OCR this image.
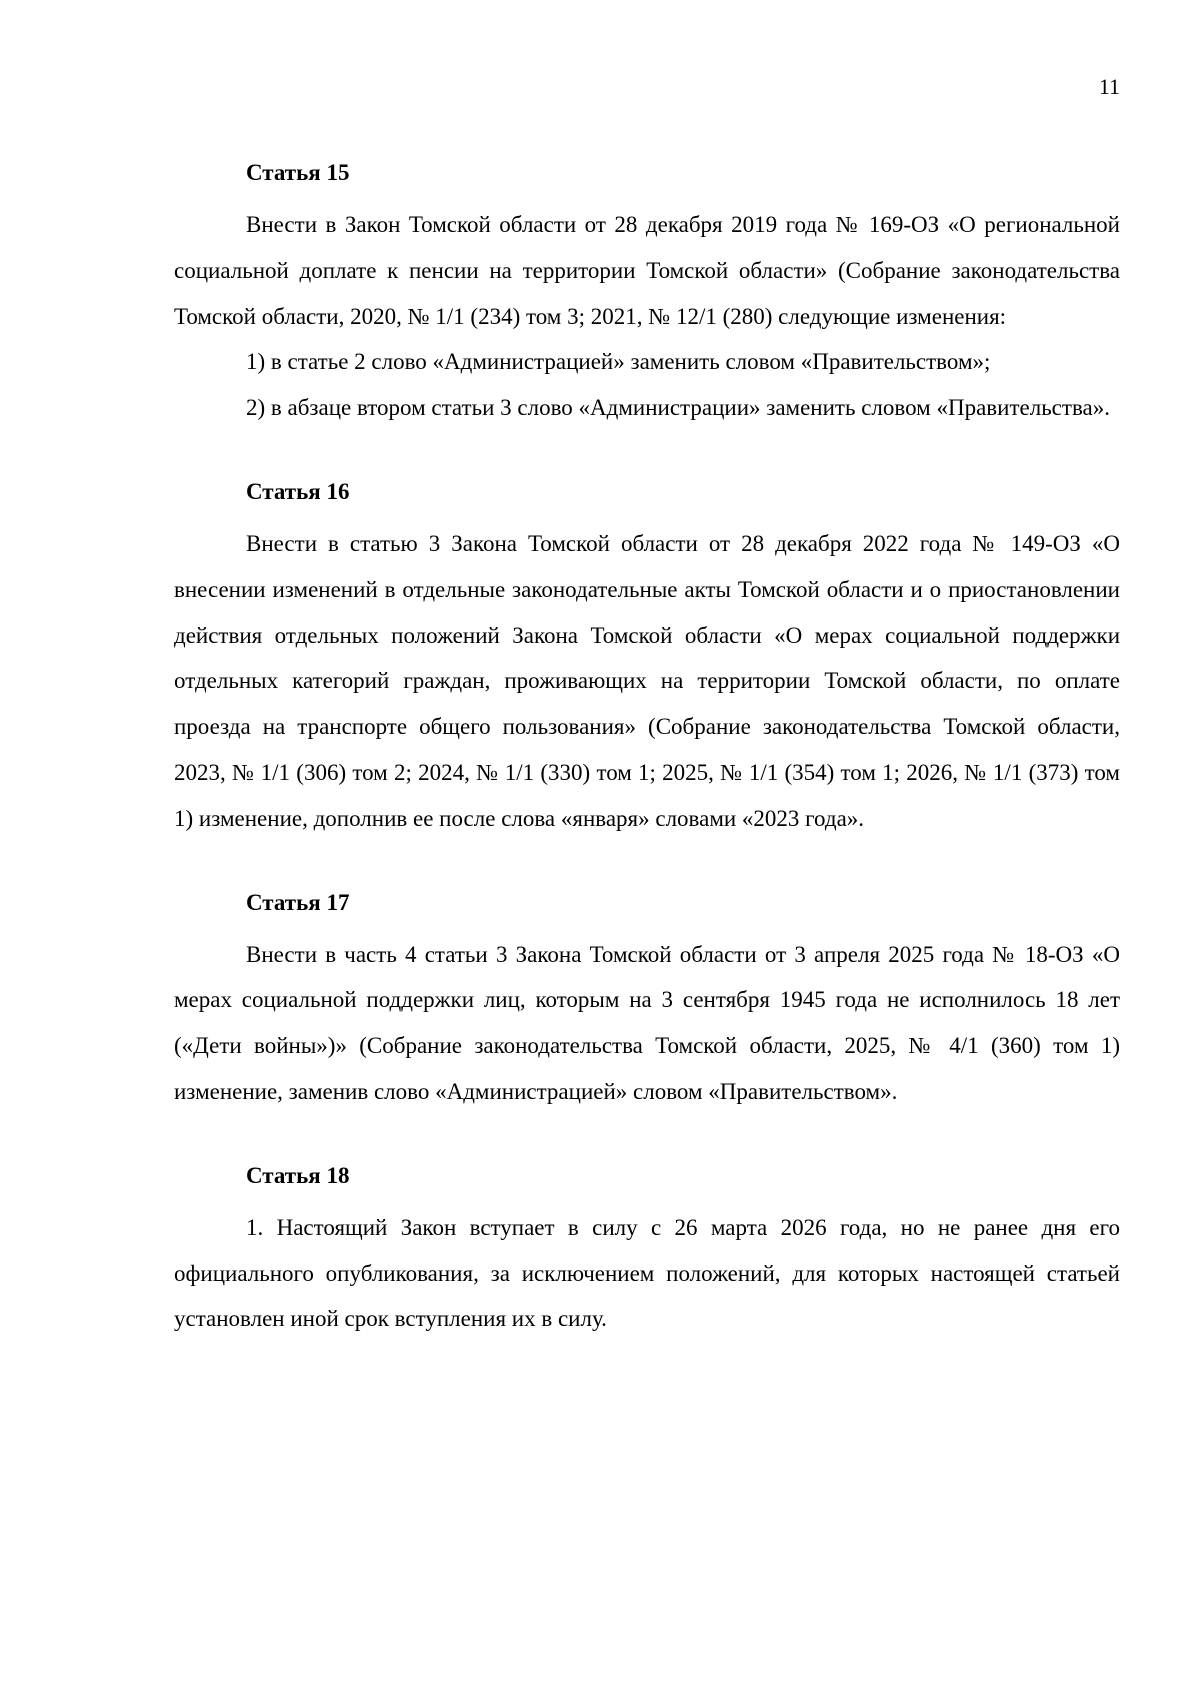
11
Статья 15

Внести в Закон Томской области от 28 декабря 2019 года № 169-ОЗ «О региональной социальной доплате к пенсии на территории Томской области» (Собрание законодательства Томской области, 2020, № 1/1 (234) том 3; 2021, № 12/1 (280) следующие изменения:

1) в статье 2 слово «Администрацией» заменить словом «Правительством»;

2) в абзаце втором статьи 3 слово «Администрации» заменить словом «Правительства».

Статья 16

Внести в статью 3 Закона Томской области от 28 декабря 2022 года № 149-ОЗ «О внесении изменений в отдельные законодательные акты Томской области и о приостановлении действия отдельных положений Закона Томской области «О мерах социальной поддержки отдельных категорий граждан, проживающих на территории Томской области, по оплате проезда на транспорте общего пользования» (Собрание законодательства Томской области, 2023, № 1/1 (306) том 2; 2024, № 1/1 (330) том 1; 2025, № 1/1 (354) том 1; 2026, № 1/1 (373) том 1) изменение, дополнив ее после слова «января» словами «2023 года».

Статья 17

Внести в часть 4 статьи 3 Закона Томской области от 3 апреля 2025 года № 18-ОЗ «О мерах социальной поддержки лиц, которым на 3 сентября 1945 года не исполнилось 18 лет («Дети войны»)» (Собрание законодательства Томской области, 2025, № 4/1 (360) том 1) изменение, заменив слово «Администрацией» словом «Правительством».

Статья 18

1. Настоящий Закон вступает в силу с 26 марта 2026 года, но не ранее дня его официального опубликования, за исключением положений, для которых настоящей статьей установлен иной срок вступления их в силу.
